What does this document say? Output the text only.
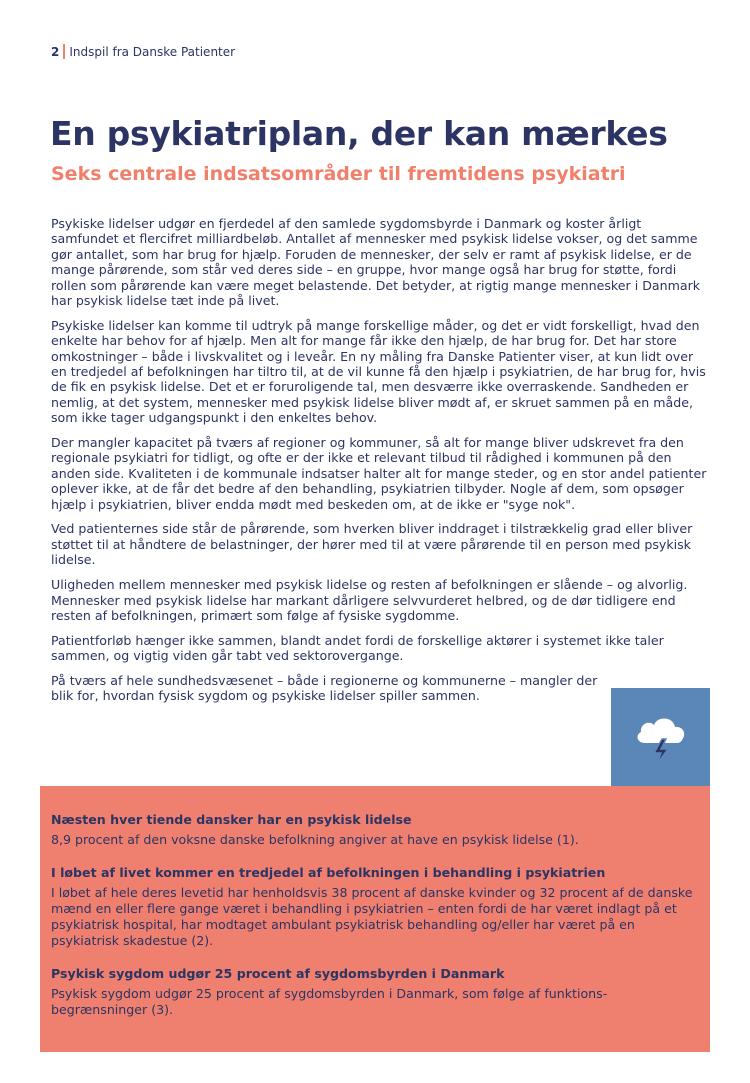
2 Indspil fra Danske Patienter
En psykiatriplan, der kan mærkes
Seks centrale indsatsområder til fremtidens psykiatri

Psykiske lidelser udgør en fjerdedel af den samlede sygdomsbyrde i Danmark og koster årligt samfundet et flercifret milliardbeløb. Antallet af mennesker med psykisk lidelse vokser, og det samme gør antallet, som har brug for hjælp. Foruden de mennesker, der selv er ramt af psykisk lidelse, er de mange pårørende, som står ved deres side – en gruppe, hvor mange også har brug for støtte, fordi rollen som pårørende kan være meget belastende. Det betyder, at rigtig mange mennesker i Danmark har psykisk lidelse tæt inde på livet.

Psykiske lidelser kan komme til udtryk på mange forskellige måder, og det er vidt forskelligt, hvad den enkelte har behov for af hjælp. Men alt for mange får ikke den hjælp, de har brug for. Det har store omkostninger – både i livskvalitet og i leveår. En ny måling fra Danske Patienter viser, at kun lidt over en tredjedel af befolkningen har tiltro til, at de vil kunne få den hjælp i psykiatrien, de har brug for, hvis de fik en psykisk lidelse. Det et er foruroligende tal, men desværre ikke overraskende. Sandheden er nemlig, at det system, mennesker med psykisk lidelse bliver mødt af, er skruet sammen på en måde, som ikke tager udgangspunkt i den enkeltes behov.

Der mangler kapacitet på tværs af regioner og kommuner, så alt for mange bliver udskrevet fra den regionale psykiatri for tidligt, og ofte er der ikke et relevant tilbud til rådighed i kommunen på den anden side. Kvaliteten i de kommunale indsatser halter alt for mange steder, og en stor andel patienter oplever ikke, at de får det bedre af den behandling, psykiatrien tilbyder. Nogle af dem, som opsøger hjælp i psykiatrien, bliver endda mødt med beskeden om, at de ikke er "syge nok".

Ved patienternes side står de pårørende, som hverken bliver inddraget i tilstrækkelig grad eller bliver støttet til at håndtere de belastninger, der hører med til at være pårørende til en person med psykisk lidelse.

Uligheden mellem mennesker med psykisk lidelse og resten af befolkningen er slående – og alvorlig. Mennesker med psykisk lidelse har markant dårligere selvvurderet helbred, og de dør tidligere end resten af befolkningen, primært som følge af fysiske sygdomme.

Patientforløb hænger ikke sammen, blandt andet fordi de forskellige aktører i systemet ikke taler sammen, og vigtig viden går tabt ved sektorovergange.

På tværs af hele sundhedsvæsenet – både i regionerne og kommunerne – mangler der blik for, hvordan fysisk sygdom og psykiske lidelser spiller sammen.

Næsten hver tiende dansker har en psykisk lidelse
8,9 procent af den voksne danske befolkning angiver at have en psykisk lidelse (1).
I løbet af livet kommer en tredjedel af befolkningen i behandling i psykiatrien
I løbet af hele deres levetid har henholdsvis 38 procent af danske kvinder og 32 procent af de danske mænd en eller flere gange været i behandling i psykiatrien – enten fordi de har været indlagt på et psykiatrisk hospital, har modtaget ambulant psykiatrisk behandling og/eller har været på en psykiatrisk skadestue (2).
Psykisk sygdom udgør 25 procent af sygdomsbyrden i Danmark
Psykisk sygdom udgør 25 procent af sygdomsbyrden i Danmark, som følge af funktionsbegrænsninger (3).
